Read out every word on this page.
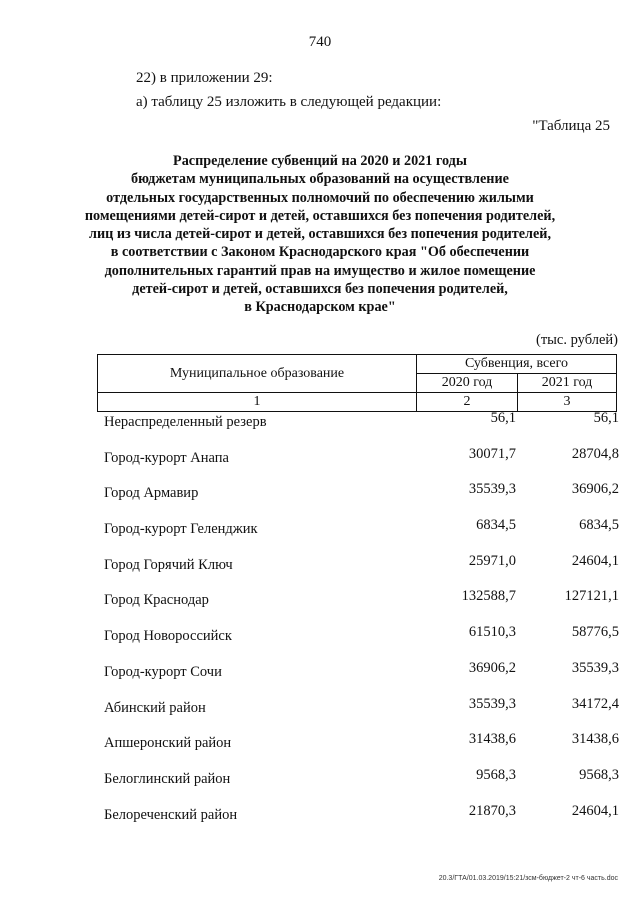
740
22) в приложении 29:
а) таблицу 25 изложить в следующей редакции:
"Таблица 25
Распределение субвенций на 2020 и 2021 годы
бюджетам муниципальных образований на осуществление
отдельных государственных полномочий по обеспечению жилыми
помещениями детей-сирот и детей, оставшихся без попечения родителей,
лиц из числа детей-сирот и детей, оставшихся без попечения родителей,
в соответствии с Законом Краснодарского края "Об обеспечении
дополнительных гарантий прав на имущество и жилое помещение
детей-сирот и детей, оставшихся без попечения родителей,
в Краснодарском крае"
(тыс. рублей)
Муниципальное образование	Субвенция, всего	
	2020 год	2021 год
1	2	3
Нераспределенный резерв	56,1	56,1
Город-курорт Анапа	30071,7	28704,8
Город Армавир	35539,3	36906,2
Город-курорт Геленджик	6834,5	6834,5
Город Горячий Ключ	25971,0	24604,1
Город Краснодар	132588,7	127121,1
Город Новороссийск	61510,3	58776,5
Город-курорт Сочи	36906,2	35539,3
Абинский район	35539,3	34172,4
Апшеронский район	31438,6	31438,6
Белоглинский район	9568,3	9568,3
Белореченский район	21870,3	24604,1
20.3/ГТА/01.03.2019/15:21/зсм-бюджет-2 чт-6 часть.doc
